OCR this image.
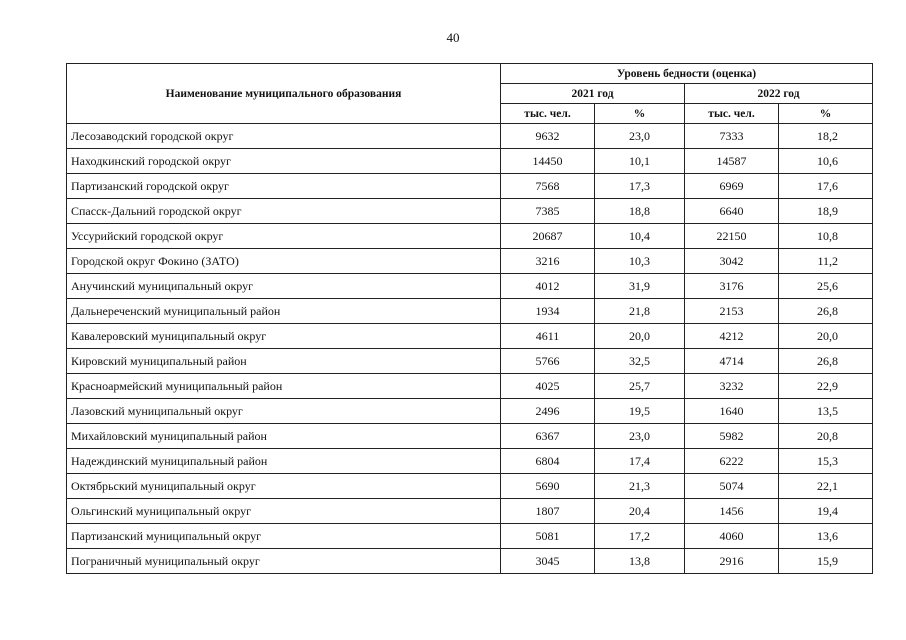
40
Наименование муниципального образования	Уровень бедности (оценка)			
	2021 год		2022 год	
	тыс. чел.	%	тыс. чел.	%
Лесозаводский городской округ	9632	23,0	7333	18,2
Находкинский городской округ	14450	10,1	14587	10,6
Партизанский городской округ	7568	17,3	6969	17,6
Спасск-Дальний городской округ	7385	18,8	6640	18,9
Уссурийский городской округ	20687	10,4	22150	10,8
Городской округ Фокино (ЗАТО)	3216	10,3	3042	11,2
Анучинский муниципальный округ	4012	31,9	3176	25,6
Дальнереченский муниципальный район	1934	21,8	2153	26,8
Кавалеровский муниципальный округ	4611	20,0	4212	20,0
Кировский муниципальный район	5766	32,5	4714	26,8
Красноармейский муниципальный район	4025	25,7	3232	22,9
Лазовский муниципальный округ	2496	19,5	1640	13,5
Михайловский муниципальный район	6367	23,0	5982	20,8
Надеждинский муниципальный район	6804	17,4	6222	15,3
Октябрьский муниципальный округ	5690	21,3	5074	22,1
Ольгинский муниципальный округ	1807	20,4	1456	19,4
Партизанский муниципальный округ	5081	17,2	4060	13,6
Пограничный муниципальный округ	3045	13,8	2916	15,9
